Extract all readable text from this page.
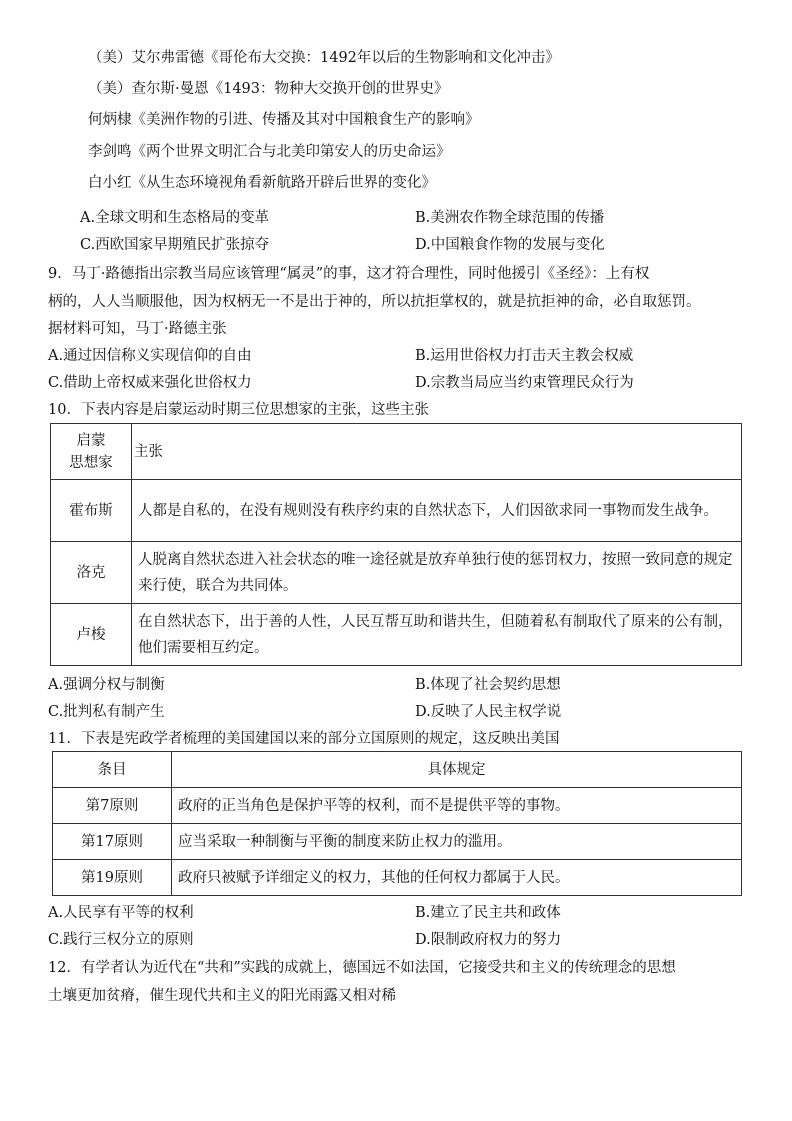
（美）艾尔弗雷德《哥伦布大交换：1492年以后的生物影响和文化冲击》
（美）查尔斯·曼恩《1493：物种大交换开创的世界史》
何炳棣《美洲作物的引进、传播及其对中国粮食生产的影响》
李剑鸣《两个世界文明汇合与北美印第安人的历史命运》
白小红《从生态环境视角看新航路开辟后世界的变化》
A.全球文明和生态格局的变革	B.美洲农作物全球范围的传播
C.西欧国家早期殖民扩张掠夺	D.中国粮食作物的发展与变化
9．马丁·路德指出宗教当局应该管理“属灵”的事，这才符合理性，同时他援引《圣经》：上有权
柄的，人人当顺服他，因为权柄无一不是出于神的，所以抗拒掌权的，就是抗拒神的命，必自取惩罚。
据材料可知，马丁·路德主张
A.通过因信称义实现信仰的自由	B.运用世俗权力打击天主教会权威
C.借助上帝权威来强化世俗权力	D.宗教当局应当约束管理民众行为
10．下表内容是启蒙运动时期三位思想家的主张，这些主张
启蒙
思想家	主张
霍布斯	人都是自私的，在没有规则没有秩序约束的自然状态下，人们因欲求同一事物而发生战争。
洛克	人脱离自然状态进入社会状态的唯一途径就是放弃单独行使的惩罚权力，按照一致同意的规定来行使，联合为共同体。
卢梭	在自然状态下，出于善的人性，人民互帮互助和谐共生，但随着私有制取代了原来的公有制，他们需要相互约定。
A.强调分权与制衡	B.体现了社会契约思想
C.批判私有制产生	D.反映了人民主权学说
11．下表是宪政学者梳理的美国建国以来的部分立国原则的规定，这反映出美国
条目	具体规定
第7原则	政府的正当角色是保护平等的权利，而不是提供平等的事物。
第17原则	应当采取一种制衡与平衡的制度来防止权力的滥用。
第19原则	政府只被赋予详细定义的权力，其他的任何权力都属于人民。
A.人民享有平等的权利	B.建立了民主共和政体
C.践行三权分立的原则	D.限制政府权力的努力
12．有学者认为近代在“共和”实践的成就上，德国远不如法国，它接受共和主义的传统理念的思想
土壤更加贫瘠，催生现代共和主义的阳光雨露又相对稀
